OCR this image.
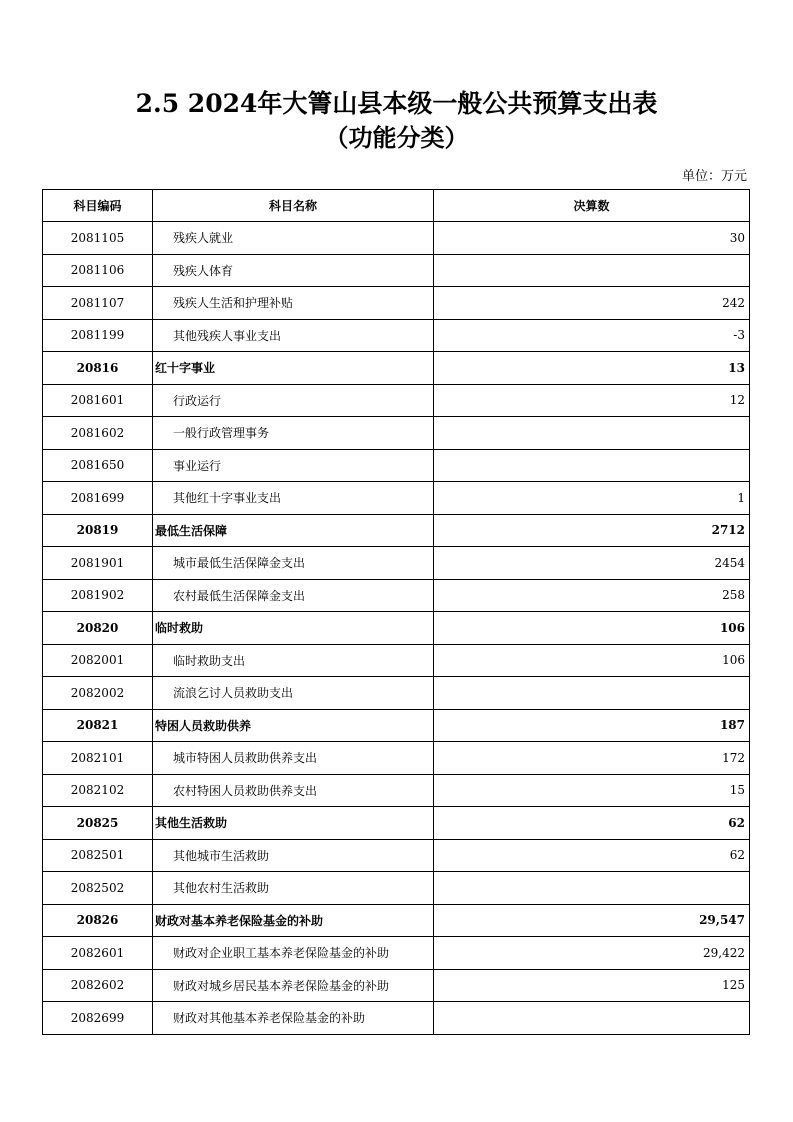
2.5 2024年大箐山县本级一般公共预算支出表
（功能分类）
单位：万元
科目编码	科目名称	决算数
2081105	残疾人就业	30
2081106	残疾人体育	
2081107	残疾人生活和护理补贴	242
2081199	其他残疾人事业支出	-3
20816	红十字事业	13
2081601	行政运行	12
2081602	一般行政管理事务	
2081650	事业运行	
2081699	其他红十字事业支出	1
20819	最低生活保障	2712
2081901	城市最低生活保障金支出	2454
2081902	农村最低生活保障金支出	258
20820	临时救助	106
2082001	临时救助支出	106
2082002	流浪乞讨人员救助支出	
20821	特困人员救助供养	187
2082101	城市特困人员救助供养支出	172
2082102	农村特困人员救助供养支出	15
20825	其他生活救助	62
2082501	其他城市生活救助	62
2082502	其他农村生活救助	
20826	财政对基本养老保险基金的补助	29,547
2082601	财政对企业职工基本养老保险基金的补助	29,422
2082602	财政对城乡居民基本养老保险基金的补助	125
2082699	财政对其他基本养老保险基金的补助	
